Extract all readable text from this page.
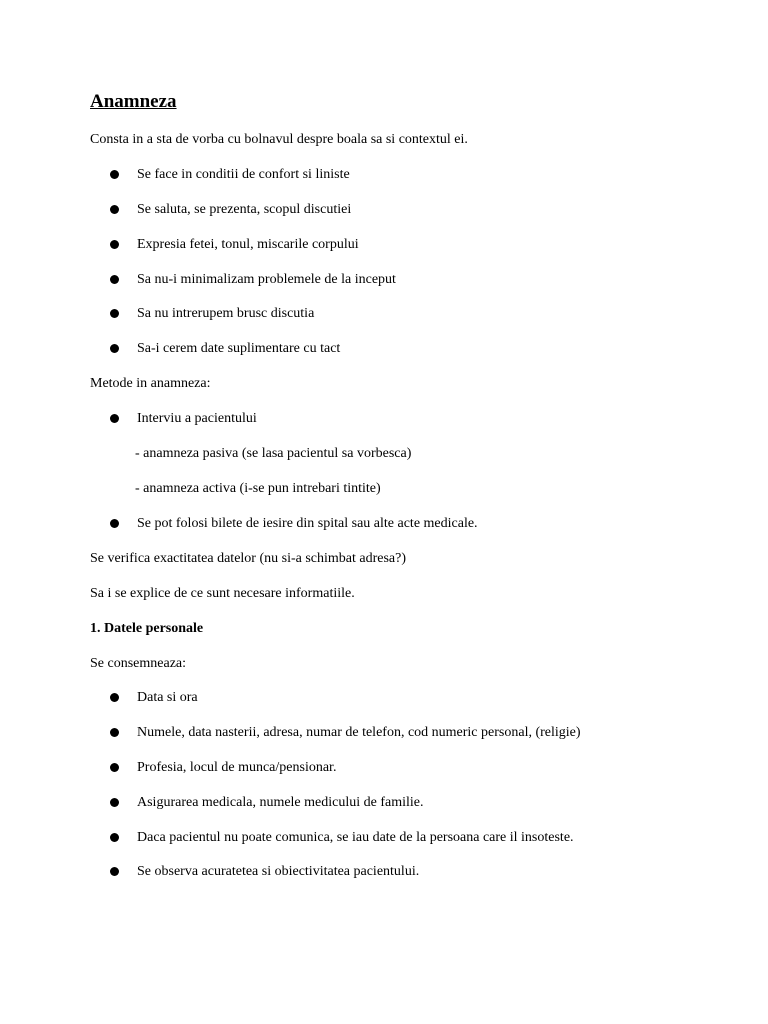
Anamneza
Consta in a sta de vorba cu bolnavul despre boala sa si contextul ei.
Se face in conditii de confort si liniste
Se saluta, se prezenta, scopul discutiei
Expresia fetei, tonul, miscarile corpului
Sa nu-i minimalizam problemele de la inceput
Sa nu intrerupem brusc discutia
Sa-i cerem date suplimentare cu tact
Metode in anamneza:
Interviu a pacientului
- anamneza pasiva (se lasa pacientul sa vorbesca)
- anamneza activa (i-se pun intrebari tintite)
Se pot folosi bilete de iesire din spital sau alte acte medicale.
Se verifica exactitatea datelor (nu si-a schimbat adresa?)
Sa i se explice de ce sunt necesare informatiile.
1. Datele personale
Se consemneaza:
Data si ora
Numele, data nasterii, adresa, numar de telefon, cod numeric personal, (religie)
Profesia, locul de munca/pensionar.
Asigurarea medicala, numele medicului de familie.
Daca pacientul nu poate comunica, se iau date de la persoana care il insoteste.
Se observa acuratetea si obiectivitatea pacientului.
